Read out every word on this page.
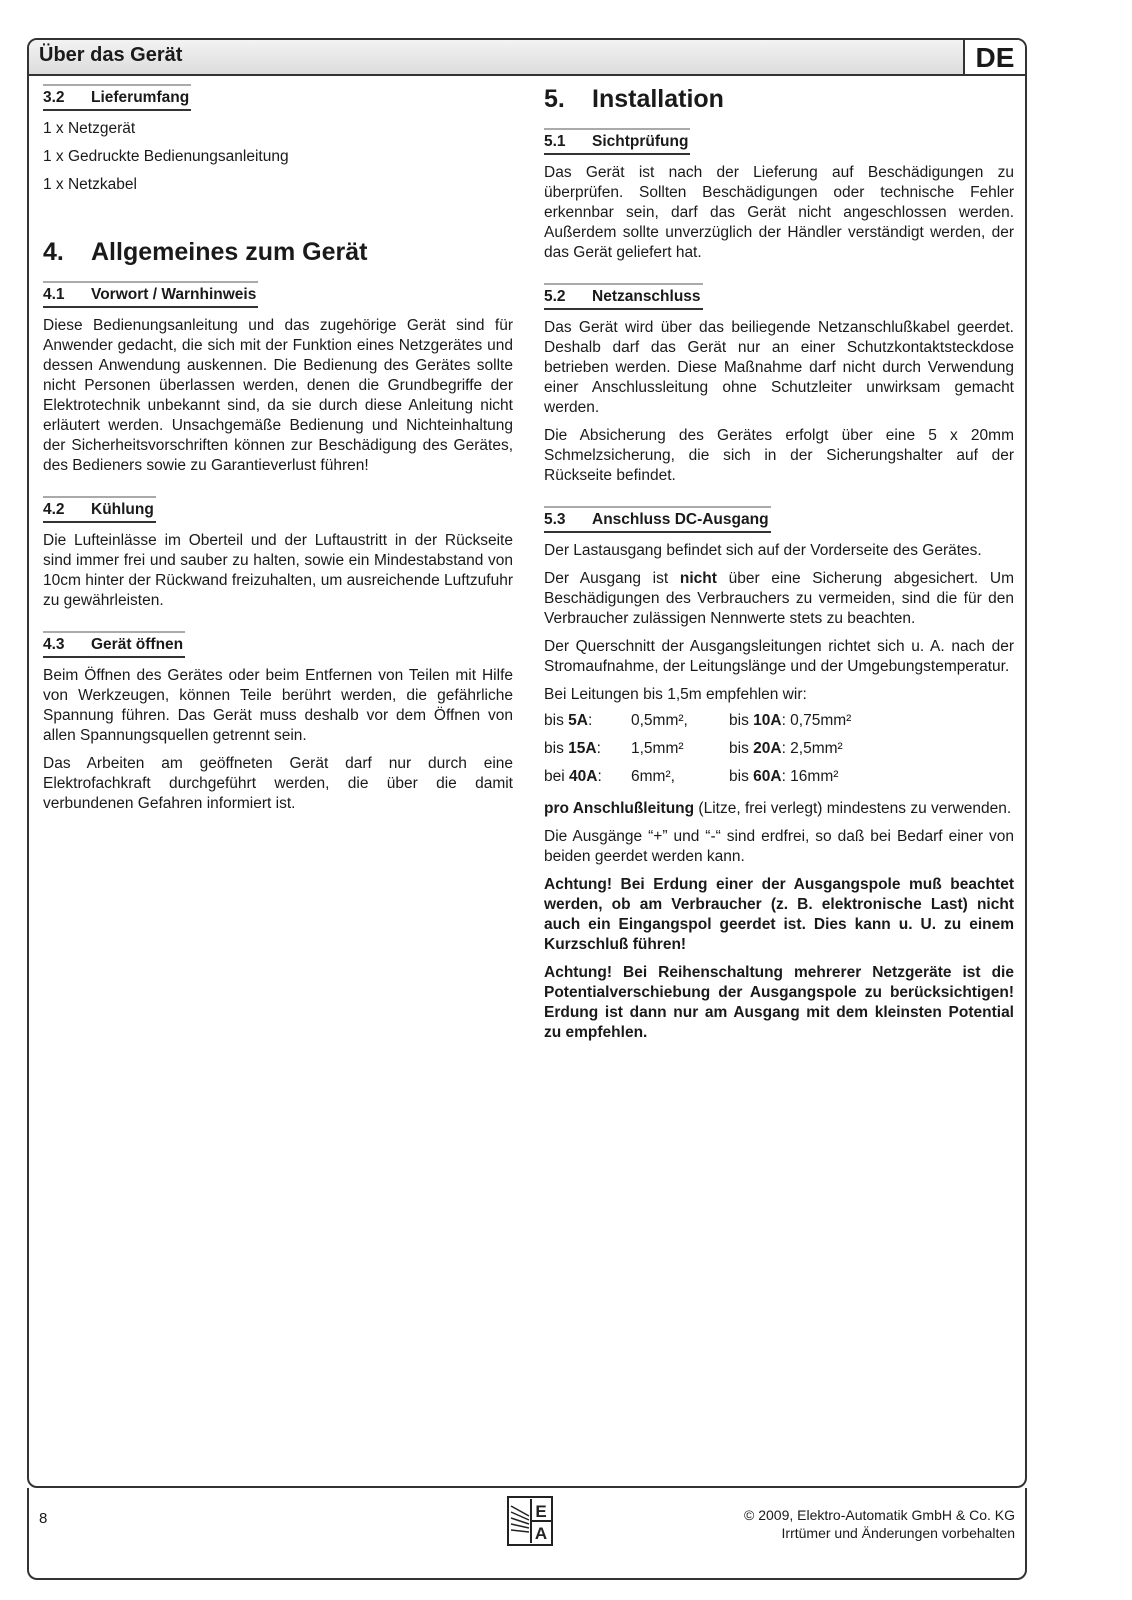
Über das Gerät	DE
3.2 Lieferumfang

1 x Netzgerät

1 x Gedruckte Bedienungsanleitung

1 x Netzkabel

4. Allgemeines zum Gerät
4.1 Vorwort / Warnhinweis

Diese Bedienungsanleitung und das zugehörige Gerät sind für Anwender gedacht, die sich mit der Funktion eines Netzgerätes und dessen Anwendung auskennen. Die Bedienung des Gerätes sollte nicht Personen überlassen werden, denen die Grundbegriffe der Elektrotechnik unbekannt sind, da sie durch diese Anleitung nicht erläutert werden. Unsachgemäße Bedienung und Nichteinhaltung der Sicherheitsvorschriften können zur Beschädigung des Gerätes, des Bedieners sowie zu Garantieverlust führen!

4.2 Kühlung

Die Lufteinlässe im Oberteil und der Luftaustritt in der Rückseite sind immer frei und sauber zu halten, sowie ein Mindestabstand von 10cm hinter der Rückwand freizuhalten, um ausreichende Luftzufuhr zu gewährleisten.

4.3 Gerät öffnen

Beim Öffnen des Gerätes oder beim Entfernen von Teilen mit Hilfe von Werkzeugen, können Teile berührt werden, die gefährliche Spannung führen. Das Gerät muss deshalb vor dem Öffnen von allen Spannungsquellen getrennt sein.

Das Arbeiten am geöffneten Gerät darf nur durch eine Elektrofachkraft durchgeführt werden, die über die damit verbundenen Gefahren informiert ist.

5. Installation
5.1 Sichtprüfung

Das Gerät ist nach der Lieferung auf Beschädigungen zu überprüfen. Sollten Beschädigungen oder technische Fehler erkennbar sein, darf das Gerät nicht angeschlossen werden. Außerdem sollte unverzüglich der Händler verständigt werden, der das Gerät geliefert hat.

5.2 Netzanschluss

Das Gerät wird über das beiliegende Netzanschlußkabel geerdet. Deshalb darf das Gerät nur an einer Schutzkontaktsteckdose betrieben werden. Diese Maßnahme darf nicht durch Verwendung einer Anschlussleitung ohne Schutzleiter unwirksam gemacht werden.

Die Absicherung des Gerätes erfolgt über eine 5 x 20mm Schmelzsicherung, die sich in der Sicherungshalter auf der Rückseite befindet.

5.3 Anschluss DC-Ausgang

Der Lastausgang befindet sich auf der Vorderseite des Gerätes.

Der Ausgang ist nicht über eine Sicherung abgesichert. Um Beschädigungen des Verbrauchers zu vermeiden, sind die für den Verbraucher zulässigen Nennwerte stets zu beachten.

Der Querschnitt der Ausgangsleitungen richtet sich u. A. nach der Stromaufnahme, der Leitungslänge und der Umgebungstemperatur.

Bei Leitungen bis 1,5m empfehlen wir:

bis 5A:	0,5mm²,	bis 10A: 0,75mm²
bis 15A:	1,5mm²	bis 20A: 2,5mm²
bei 40A:	6mm²,	bis 60A: 16mm²

pro Anschlußleitung (Litze, frei verlegt) mindestens zu verwenden.

Die Ausgänge “+” und “-“ sind erdfrei, so daß bei Bedarf einer von beiden geerdet werden kann.

Achtung! Bei Erdung einer der Ausgangspole muß beachtet werden, ob am Verbraucher (z. B. elektronische Last) nicht auch ein Eingangspol geerdet ist. Dies kann u. U. zu einem Kurzschluß führen!

Achtung! Bei Reihenschaltung mehrerer Netzgeräte ist die Potentialverschiebung der Ausgangspole zu berücksichtigen! Erdung ist dann nur am Ausgang mit dem kleinsten Potential zu empfehlen.

8	E
A
© 2009, Elektro-Automatik GmbH & Co. KG
Irrtümer und Änderungen vorbehalten
